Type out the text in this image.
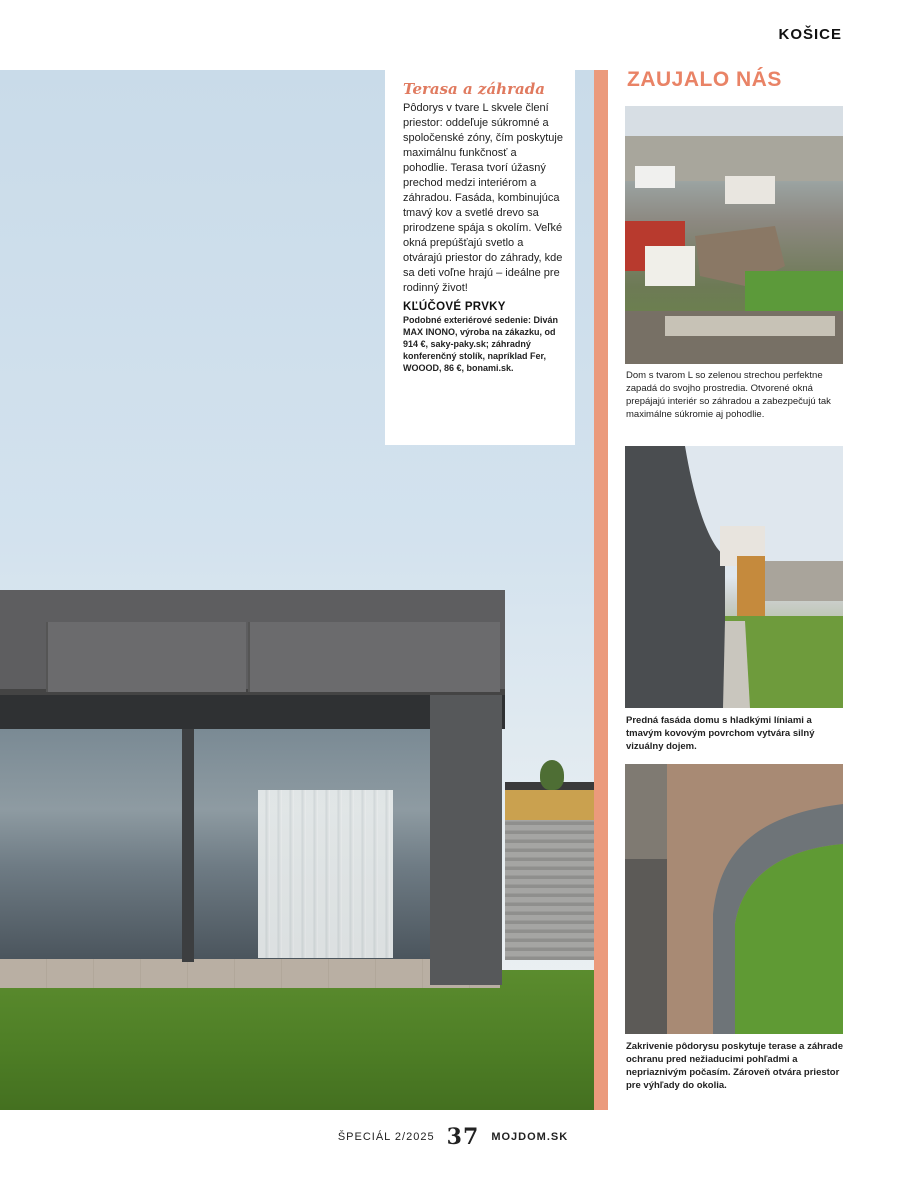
KOŠICE
Terasa a záhrada

Pôdorys v tvare L skvele člení priestor: oddeľuje súkromné a spoločenské zóny, čím poskytuje maximálnu funkčnosť a pohodlie. Terasa tvorí úžasný prechod medzi interiérom a záhradou. Fasáda, kombinujúca tmavý kov a svetlé drevo sa prirodzene spája s okolím. Veľké okná prepúšťajú svetlo a otvárajú priestor do záhrady, kde sa deti voľne hrajú – ideálne pre rodinný život!

KĽÚČOVÉ PRVKY

Podobné exteriérové sedenie: Diván MAX INONO, výroba na zákazku, od 914 €, saky-paky.sk; záhradný konferenčný stolík, napríklad Fer, WOOOD, 86 €, bonami.sk.

ZAUJALO NÁS
Dom s tvarom L so zelenou strechou perfektne zapadá do svojho prostredia. Otvorené okná prepájajú interiér so záhradou a zabezpečujú tak maximálne súkromie aj pohodlie.
Predná fasáda domu s hladkými líniami a tmavým kovovým povrchom vytvára silný vizuálny dojem.
Zakrivenie pôdorysu poskytuje terase a záhrade ochranu pred nežiaducimi pohľadmi a nepriaznivým počasím. Zároveň otvára priestor pre výhľady do okolia.
ŠPECIÁL 2/2025 37 MOJDOM.SK
